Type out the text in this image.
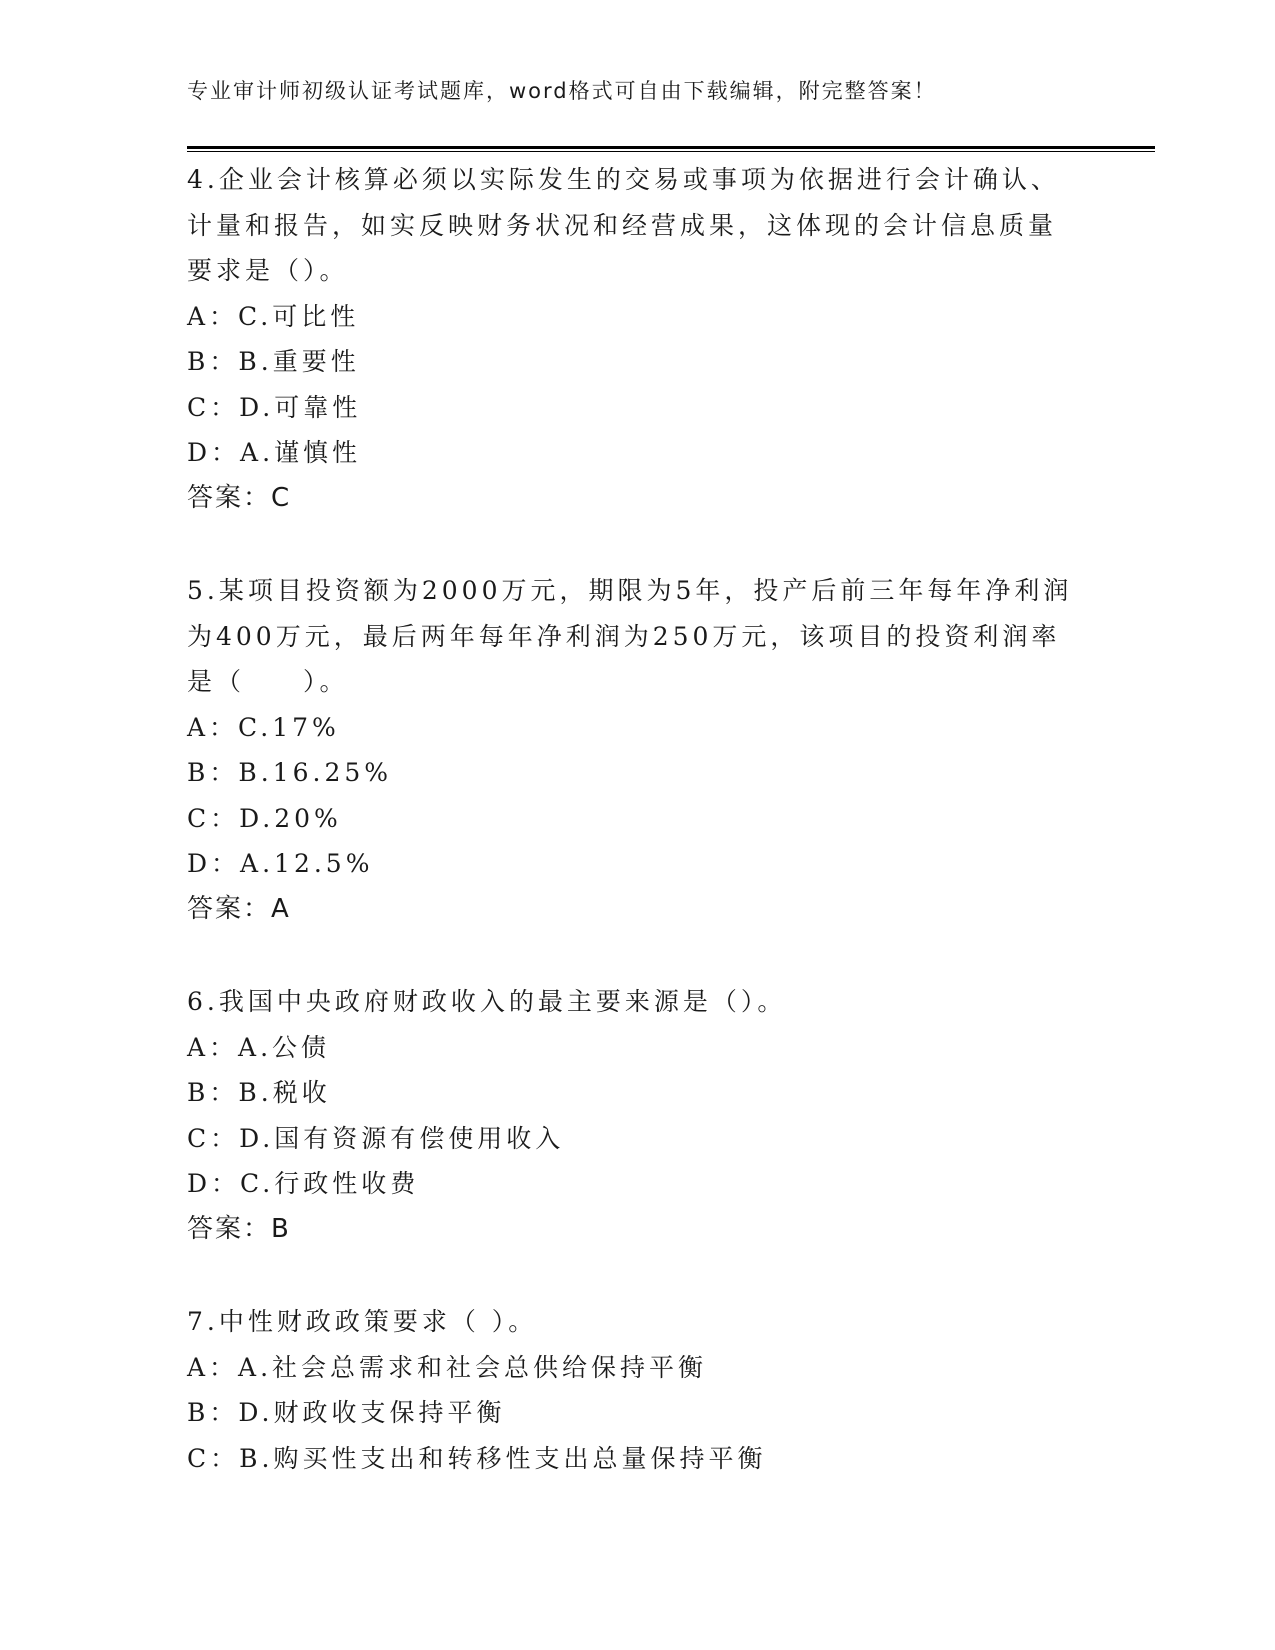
专业审计师初级认证考试题库，word格式可自由下载编辑，附完整答案！
4.企业会计核算必须以实际发生的交易或事项为依据进行会计确认、
计量和报告，如实反映财务状况和经营成果，这体现的会计信息质量
要求是（）。
A：C.可比性
B：B.重要性
C：D.可靠性
D：A.谨慎性
答案：C
5.某项目投资额为2000万元，期限为5年，投产后前三年每年净利润
为400万元，最后两年每年净利润为250万元，该项目的投资利润率
是（　　）。
A：C.17%
B：B.16.25%
C：D.20%
D：A.12.5%
答案：A
6.我国中央政府财政收入的最主要来源是（）。
A：A.公债
B：B.税收
C：D.国有资源有偿使用收入
D：C.行政性收费
答案：B
7.中性财政政策要求（ ）。
A：A.社会总需求和社会总供给保持平衡
B：D.财政收支保持平衡
C：B.购买性支出和转移性支出总量保持平衡
